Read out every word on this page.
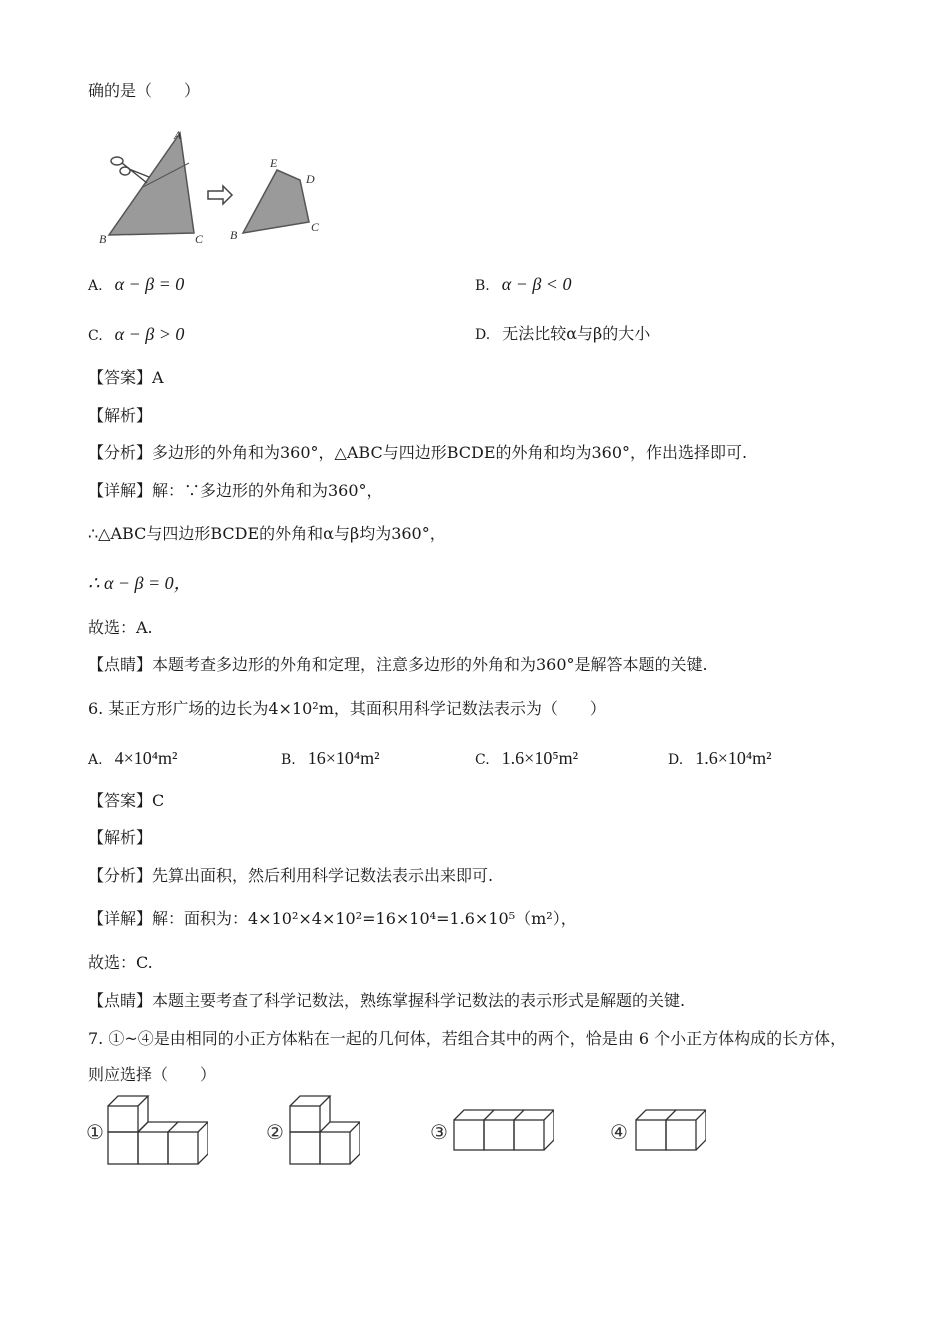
确的是（　　）
A
B	C
E
D
B
C
A. α − β = 0	B. α − β < 0
C. α − β > 0	D. 无法比较α与β的大小
【答案】A
【解析】
【分析】多边形的外角和为360°，△ABC与四边形BCDE的外角和均为360°，作出选择即可.
【详解】解：∵多边形的外角和为360°，
∴△ABC与四边形BCDE的外角和α与β均为360°，
∴ α − β = 0，
故选：A.
【点睛】本题考查多边形的外角和定理，注意多边形的外角和为360°是解答本题的关键.
6. 某正方形广场的边长为4×10²m，其面积用科学记数法表示为（　　）
A. 4×10⁴m²	B. 16×10⁴m²	C. 1.6×10⁵m²	D. 1.6×10⁴m²
【答案】C
【解析】
【分析】先算出面积，然后利用科学记数法表示出来即可.
【详解】解：面积为：4×10²×4×10²=16×10⁴=1.6×10⁵（m²），
故选：C.
【点睛】本题主要考查了科学记数法，熟练掌握科学记数法的表示形式是解题的关键.
7. ①~④是由相同的小正方体粘在一起的几何体，若组合其中的两个，恰是由 6 个小正方体构成的长方体，
则应选择（　　）
①	②	③	④
